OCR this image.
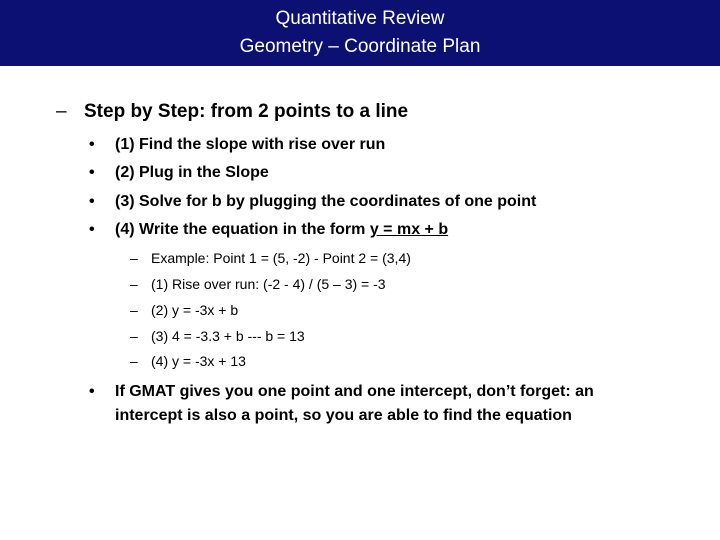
Quantitative Review
Geometry – Coordinate Plan
– Step by Step: from 2 points to a line
• (1) Find the slope with rise over run
• (2) Plug in the Slope
• (3) Solve for b by plugging the coordinates of one point
• (4) Write the equation in the form y = mx + b
– Example: Point 1 = (5, -2) - Point 2 = (3,4)
– (1) Rise over run: (-2 - 4) / (5 – 3) = -3
– (2) y = -3x + b
– (3) 4 = -3.3 + b --- b = 13
– (4) y = -3x + 13
• If GMAT gives you one point and one intercept, don’t forget: an
intercept is also a point, so you are able to find the equation
